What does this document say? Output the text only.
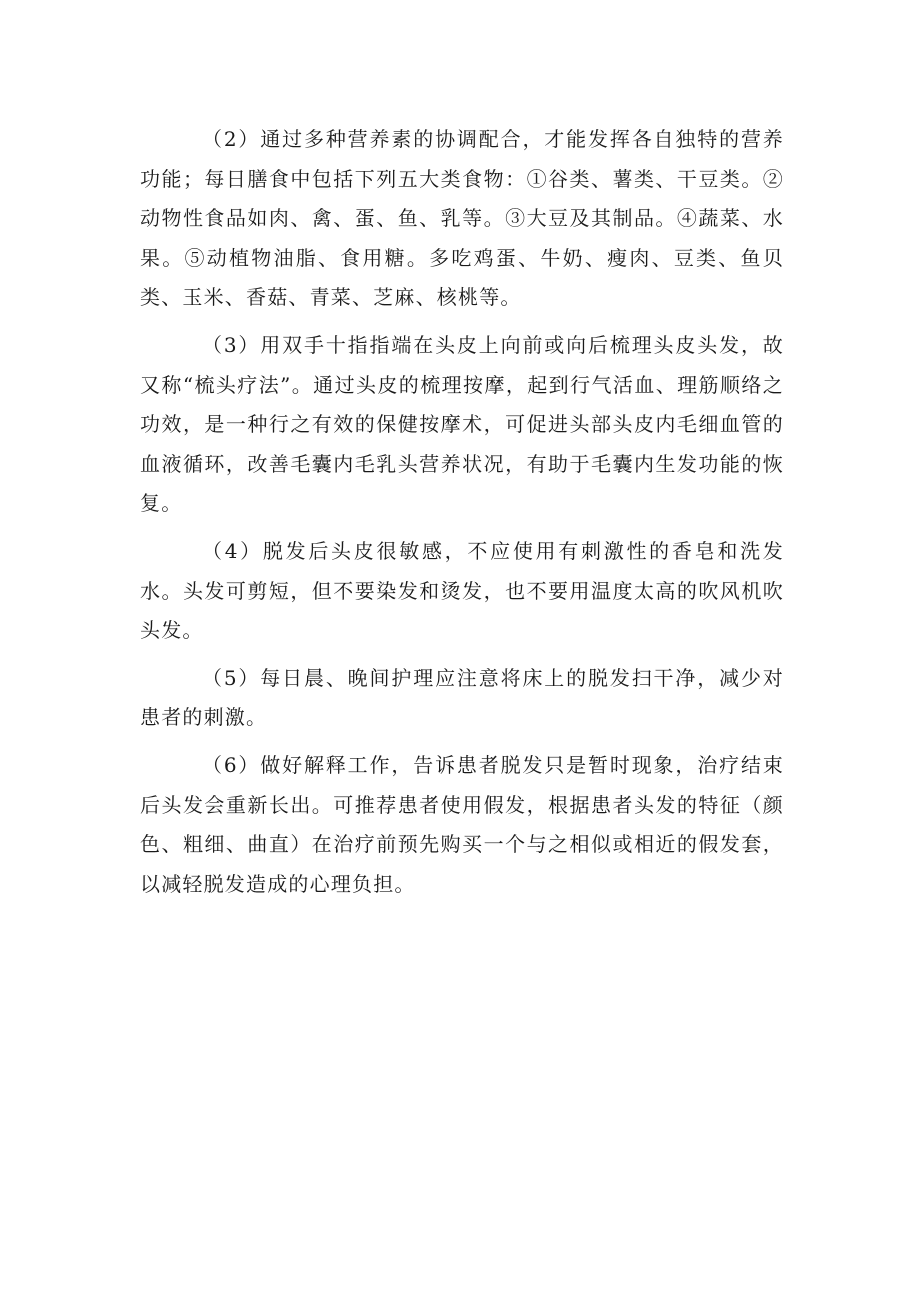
（2）通过多种营养素的协调配合，才能发挥各自独特的营养功能；每日膳食中包括下列五大类食物：①谷类、薯类、干豆类。②动物性食品如肉、禽、蛋、鱼、乳等。③大豆及其制品。④蔬菜、水果。⑤动植物油脂、食用糖。多吃鸡蛋、牛奶、瘦肉、豆类、鱼贝类、玉米、香菇、青菜、芝麻、核桃等。

（3）用双手十指指端在头皮上向前或向后梳理头皮头发，故又称“梳头疗法”。通过头皮的梳理按摩，起到行气活血、理筋顺络之功效，是一种行之有效的保健按摩术，可促进头部头皮内毛细血管的血液循环，改善毛囊内毛乳头营养状况，有助于毛囊内生发功能的恢复。

（4）脱发后头皮很敏感，不应使用有刺激性的香皂和洗发水。头发可剪短，但不要染发和烫发，也不要用温度太高的吹风机吹头发。

（5）每日晨、晚间护理应注意将床上的脱发扫干净，减少对患者的刺激。

（6）做好解释工作，告诉患者脱发只是暂时现象，治疗结束后头发会重新长出。可推荐患者使用假发，根据患者头发的特征（颜色、粗细、曲直）在治疗前预先购买一个与之相似或相近的假发套，以减轻脱发造成的心理负担。
